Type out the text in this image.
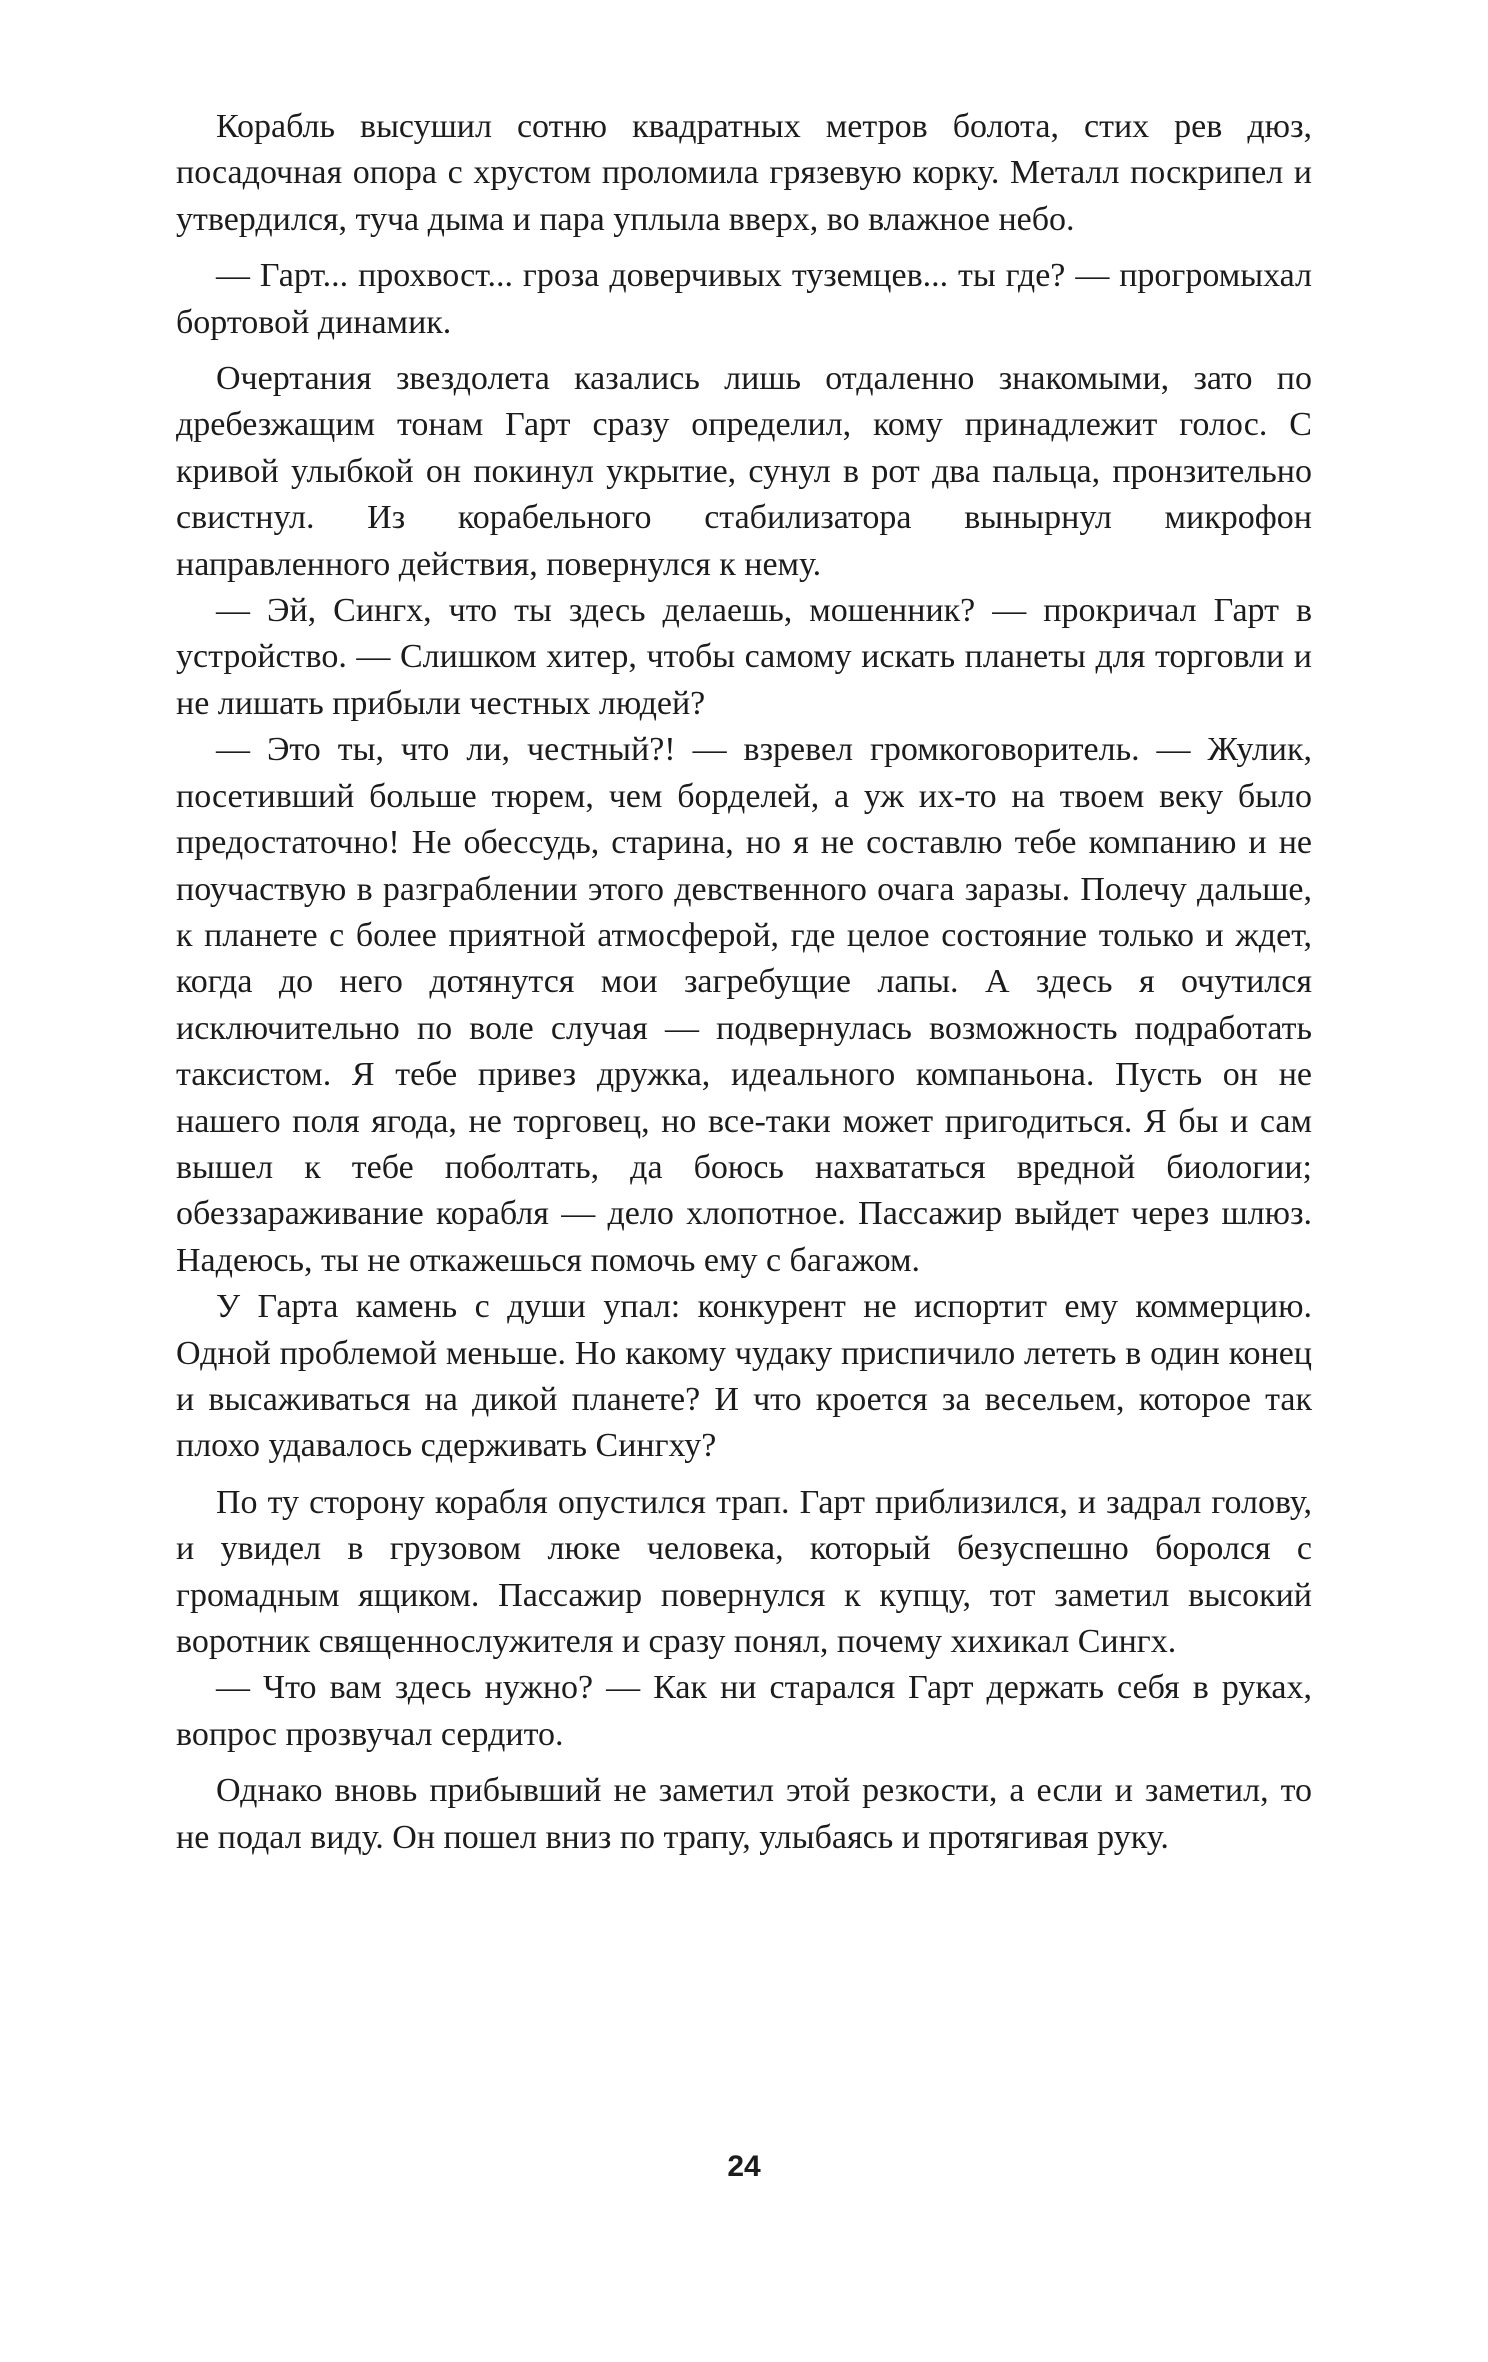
Корабль высушил сотню квадратных метров болота, стих рев дюз, посадочная опора с хрустом проломила грязевую корку. Металл поскрипел и утвердился, туча дыма и пара уплыла вверх, во влажное небо.

— Гарт... прохвост... гроза доверчивых туземцев... ты где? — прогромыхал бортовой динамик.

Очертания звездолета казались лишь отдаленно знакомыми, зато по дребезжащим тонам Гарт сразу определил, кому принадлежит голос. С кривой улыбкой он покинул укрытие, сунул в рот два пальца, пронзительно свистнул. Из корабельного стабилизатора вынырнул микрофон направленного действия, повернулся к нему.

— Эй, Сингх, что ты здесь делаешь, мошенник? — прокричал Гарт в устройство. — Слишком хитер, чтобы самому искать планеты для торговли и не лишать прибыли честных людей?

— Это ты, что ли, честный?! — взревел громкоговоритель. — Жулик, посетивший больше тюрем, чем борделей, а уж их-то на твоем веку было предостаточно! Не обессудь, старина, но я не составлю тебе компанию и не поучаствую в разграблении этого девственного очага заразы. Полечу дальше, к планете с более приятной атмосферой, где целое состояние только и ждет, когда до него дотянутся мои загребущие лапы. А здесь я очутился исключительно по воле случая — подвернулась возможность подработать таксистом. Я тебе привез дружка, идеального компаньона. Пусть он не нашего поля ягода, не торговец, но все-таки может пригодиться. Я бы и сам вышел к тебе поболтать, да боюсь нахвататься вредной биологии; обеззараживание корабля — дело хлопотное. Пассажир выйдет через шлюз. Надеюсь, ты не откажешься помочь ему с багажом.

У Гарта камень с души упал: конкурент не испортит ему коммерцию. Одной проблемой меньше. Но какому чудаку приспичило лететь в один конец и высаживаться на дикой планете? И что кроется за весельем, которое так плохо удавалось сдерживать Сингху?

По ту сторону корабля опустился трап. Гарт приблизился, и задрал голову, и увидел в грузовом люке человека, который безуспешно боролся с громадным ящиком. Пассажир повернулся к купцу, тот заметил высокий воротник священнослужителя и сразу понял, почему хихикал Сингх.

— Что вам здесь нужно? — Как ни старался Гарт держать себя в руках, вопрос прозвучал сердито.

Однако вновь прибывший не заметил этой резкости, а если и заметил, то не подал виду. Он пошел вниз по трапу, улыбаясь и протягивая руку.

24
